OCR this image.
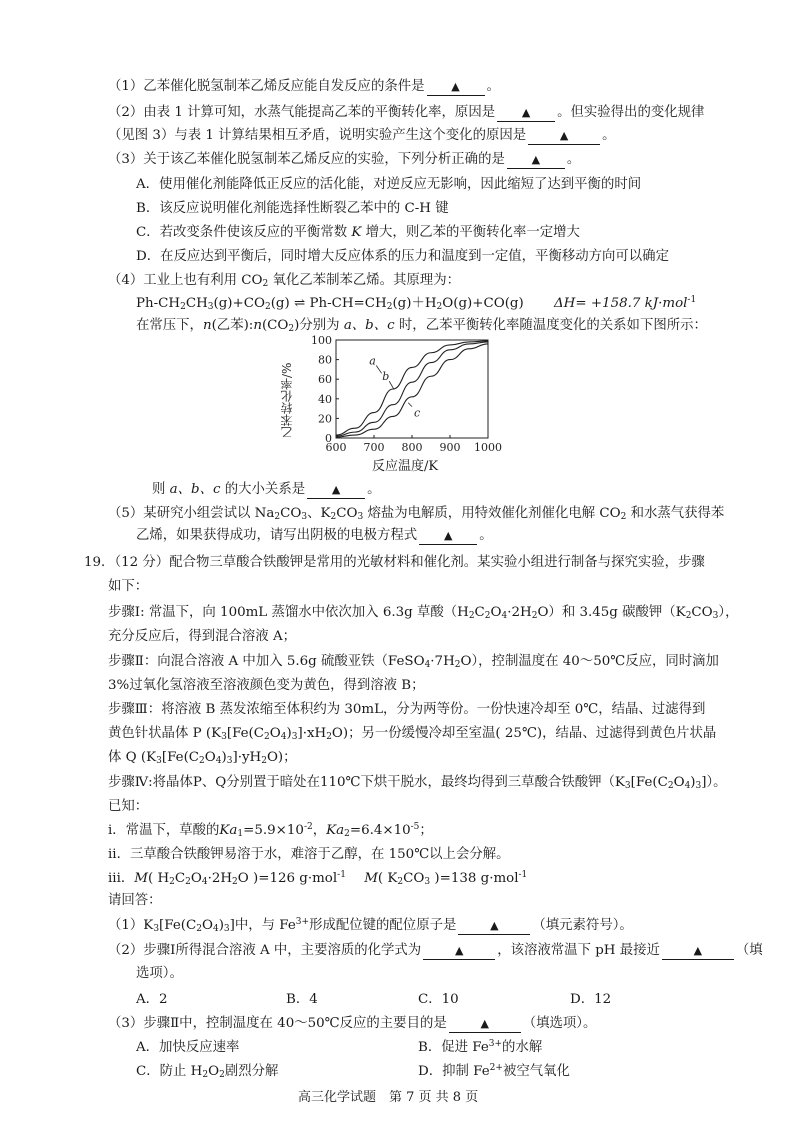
（1）乙苯催化脱氢制苯乙烯反应能自发反应的条件是 ▲ 。
（2）由表 1 计算可知，水蒸气能提高乙苯的平衡转化率，原因是 ▲ 。但实验得出的变化规律
（见图 3）与表 1 计算结果相互矛盾，说明实验产生这个变化的原因是	▲	。
（3）关于该乙苯催化脱氢制苯乙烯反应的实验，下列分析正确的是 ▲ 。
A．使用催化剂能降低正反应的活化能，对逆反应无影响，因此缩短了达到平衡的时间
B．该反应说明催化剂能选择性断裂乙苯中的 C-H 键
C．若改变条件使该反应的平衡常数 K 增大，则乙苯的平衡转化率一定增大
D．在反应达到平衡后，同时增大反应体系的压力和温度到一定值，平衡移动方向可以确定
（4）工业上也有利用 $CO_2$ 氧化乙苯制苯乙烯。其原理为：
$Ph-CH_2CH_3(g)+CO_2(g)$ ⇌ $Ph-CH=CH_2(g)+H_2O(g)+CO(g)$ ΔH= +158.7 kJ·mol$^{-1}$
在常压下，n(乙苯)$:n(CO_2)$分别为 a、b、c 时，乙苯平衡转化率随温度变化的关系如下图所示：
600 700 800 900 1000
0
20
40
60
80
100
a
b
c
反应温度/K
乙苯转化率/%
则 a、b、c 的大小关系是 ▲ 。
（5）某研究小组尝试以 $Na_2CO_3$、$K_2CO_3$ 熔盐为电解质，用特效催化剂催化电解 $CO_2$ 和水蒸气获得苯
乙烯，如果获得成功，请写出阴极的电极方程式 ▲ 。
19．（12 分）配合物三草酸合铁酸钾是常用的光敏材料和催化剂。某实验小组进行制备与探究实验，步骤
如下：
步骤Ⅰ: 常温下，向 100mL 蒸馏水中依次加入 6.3g 草酸$(H_2C_2O_4\cdot 2H_2O)$和 3.45g 碳酸钾$(K_2CO_3)$，
充分反应后，得到混合溶液 A；
步骤Ⅱ：向混合溶液 A 中加入 5.6g 硫酸亚铁$(FeSO_4\cdot 7H_2O)$，控制温度在 40～50℃反应，同时滴加
3%过氧化氢溶液至溶液颜色变为黄色，得到溶液 B；
步骤Ⅲ：将溶液 B 蒸发浓缩至体积约为 30mL，分为两等份。一份快速冷却至 0℃，结晶、过滤得到
黄色针状晶体 P $(K_3[Fe(C_2O_4)_3]\cdot xH_2O)$；另一份缓慢冷却至室温( 25℃)，结晶、过滤得到黄色片状晶
体 Q $(K_3[Fe(C_2O_4)_3]\cdot yH_2O)$；
步骤Ⅳ:将晶体P、Q分别置于暗处在110℃下烘干脱水，最终均得到三草酸合铁酸钾$(K_3[Fe(C_2O_4)_3])$。
已知：
i．常温下，草酸的$Ka_1=5.9\times 10^{-2}$，$Ka_2=6.4\times 10^{-5}$；
ii．三草酸合铁酸钾易溶于水，难溶于乙醇，在 150℃以上会分解。
iii．M( $H_2C_2O_4\cdot 2H_2O$ )=126 g·mol$^{-1}$ M( $K_2CO_3$ )=138 g·mol$^{-1}$
请回答：
$(1)K_3[Fe(C_2O_4)_3]$中，与 $Fe^{3+}$形成配位键的配位原子是	▲	（填元素符号）。
（2）步骤Ⅰ所得混合溶液 A 中，主要溶质的化学式为	▲	，该溶液常温下 pH 最接近	▲	（填
选项）。
A．2	B．4	C．10	D．12
（3）步骤Ⅱ中，控制温度在 40～50℃反应的主要目的是	▲	（填选项）。
A．加快反应速率	B．促进 $Fe^{3+}$的水解
C．防止 $H_2O_2$剧烈分解	D．抑制 $Fe^{2+}$被空气氧化
高三化学试题　第 7 页 共 8 页
